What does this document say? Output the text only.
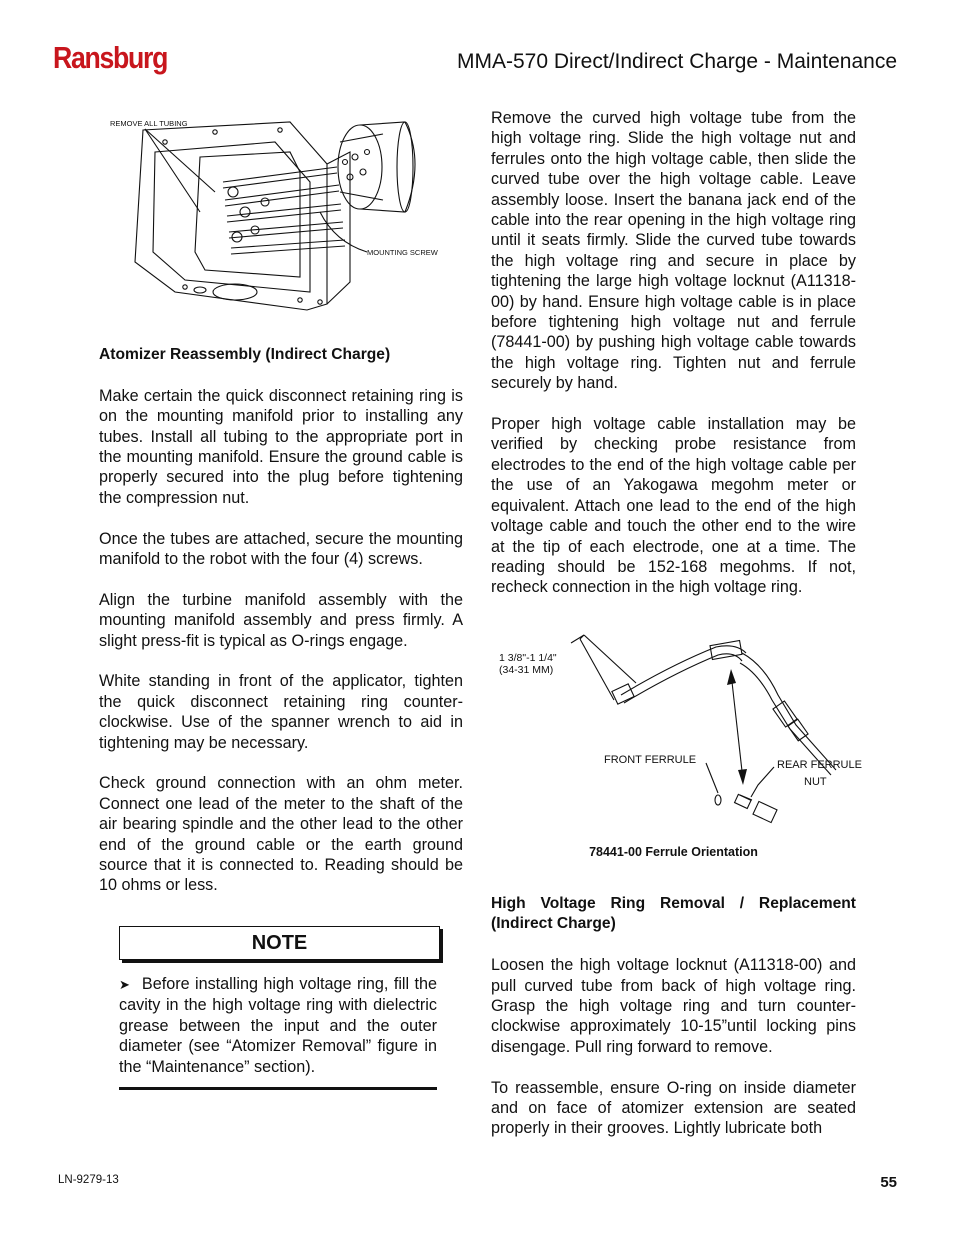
Ransburg	MMA-570 Direct/Indirect Charge - Maintenance
REMOVE ALL TUBING
MOUNTING SCREW
Atomizer Reassembly (Indirect Charge)

Make certain the quick disconnect retaining ring is on the mounting manifold prior to installing any tubes. Install all tubing to the appropriate port in the mounting manifold. Ensure the ground cable is properly secured into the plug before tightening the compression nut.

Once the tubes are attached, secure the mounting manifold to the robot with the four (4) screws.

Align the turbine manifold assembly with the mounting manifold assembly and press firmly. A slight press-fit is typical as O-rings engage.

White standing in front of the applicator, tighten the quick disconnect retaining ring counter-clockwise. Use of the spanner wrench to aid in tightening may be necessary.

Check ground connection with an ohm meter. Connect one lead of the meter to the shaft of the air bearing spindle and the other lead to the other end of the ground cable or the earth ground source that it is connected to. Reading should be 10 ohms or less.

NOTE

➤ Before installing high voltage ring, fill the cavity in the high voltage ring with dielectric grease between the input and the outer diameter (see “Atomizer Removal” figure in the “Maintenance” section).

Remove the curved high voltage tube from the high voltage ring. Slide the high voltage nut and ferrules onto the high voltage cable, then slide the curved tube over the high voltage cable. Leave assembly loose. Insert the banana jack end of the cable into the rear opening in the high voltage ring until it seats firmly. Slide the curved tube towards the high voltage ring and secure in place by tightening the large high voltage locknut (A11318-00) by hand. Ensure high voltage cable is in place before tightening high voltage nut and ferrule (78441-00) by pushing high voltage cable towards the high voltage ring. Tighten nut and ferrule securely by hand.

Proper high voltage cable installation may be verified by checking probe resistance from electrodes to the end of the high voltage cable per the use of an Yakogawa megohm meter or equivalent. Attach one lead to the end of the high voltage cable and touch the other end to the wire at the tip of each electrode, one at a time. The reading should be 152-168 megohms. If not, recheck connection in the high voltage ring.

1 3/8"-1 1/4"
(34-31 MM)
FRONT FERRULE	REAR FERRULE
NUT
78441-00 Ferrule Orientation
High Voltage Ring Removal / Replacement (Indirect Charge)

Loosen the high voltage locknut (A11318-00) and pull curved tube from back of high voltage ring. Grasp the high voltage ring and turn counter-clockwise approximately 10-15”until locking pins disengage. Pull ring forward to remove.

To reassemble, ensure O-ring on inside diameter and on face of atomizer extension are seated properly in their grooves. Lightly lubricate both

LN-9279-13	55
